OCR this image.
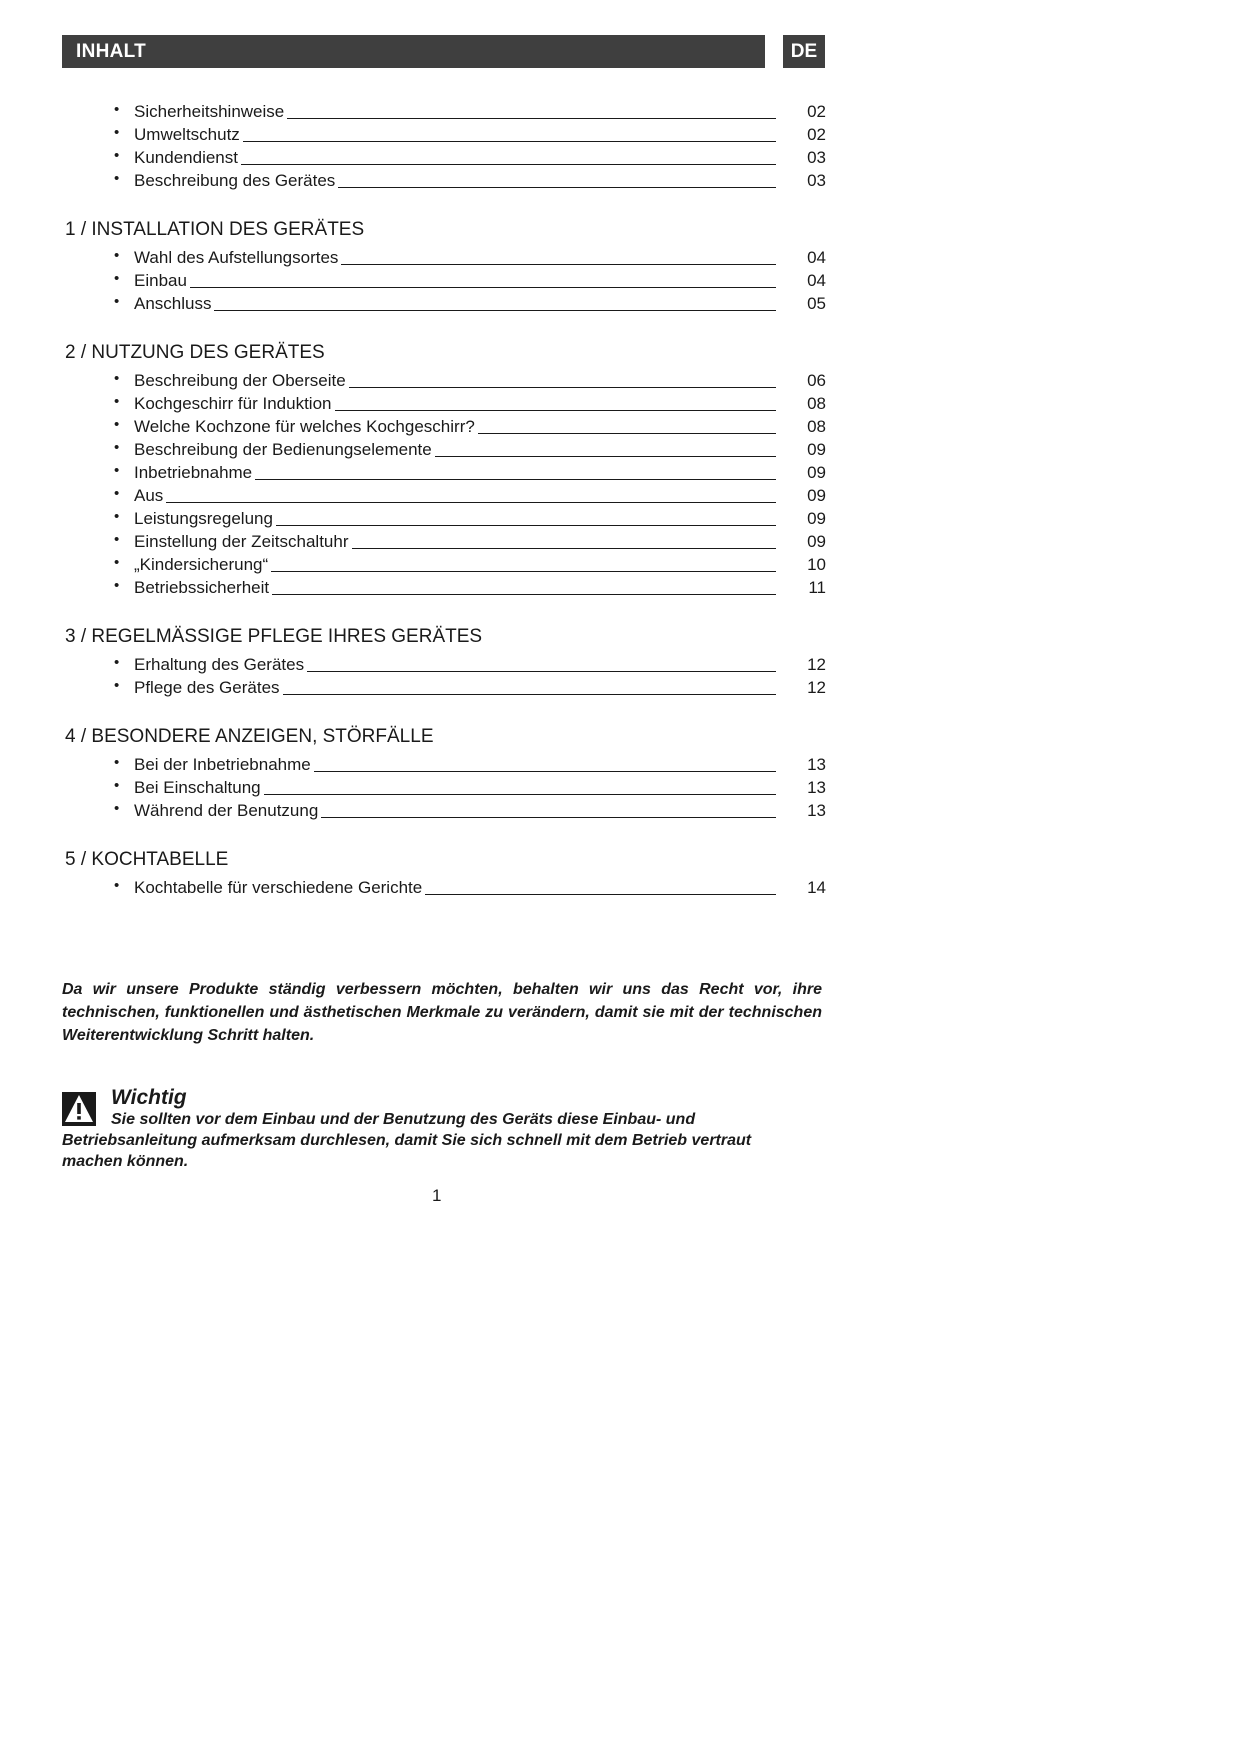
INHALT	DE
• Sicherheitshinweise	02
• Umweltschutz	02
• Kundendienst	03
• Beschreibung des Gerätes	03
1 / INSTALLATION DES GERÄTES
• Wahl des Aufstellungsortes	04
• Einbau	04
• Anschluss	05
2 / NUTZUNG DES GERÄTES
• Beschreibung der Oberseite	06
• Kochgeschirr für Induktion	08
• Welche Kochzone für welches Kochgeschirr?	08
• Beschreibung der Bedienungselemente	09
• Inbetriebnahme	09
• Aus	09
• Leistungsregelung	09
• Einstellung der Zeitschaltuhr	09
• „Kindersicherung“	10
• Betriebssicherheit	11
3 / REGELMÄSSIGE PFLEGE IHRES GERÄTES
• Erhaltung des Gerätes	12
• Pflege des Gerätes	12
4 / BESONDERE ANZEIGEN, STÖRFÄLLE
• Bei der Inbetriebnahme	13
• Bei Einschaltung	13
• Während der Benutzung	13
5 / KOCHTABELLE
• Kochtabelle für verschiedene Gerichte	14
Da wir unsere Produkte ständig verbessern möchten, behalten wir uns das Recht vor, ihre technischen, funktionellen und ästhetischen Merkmale zu verändern, damit sie mit der technischen Weiterentwicklung Schritt halten.
Wichtig
Sie sollten vor dem Einbau und der Benutzung des Geräts diese Einbau- und Betriebsanleitung aufmerksam durchlesen, damit Sie sich schnell mit dem Betrieb vertraut machen können.
1
